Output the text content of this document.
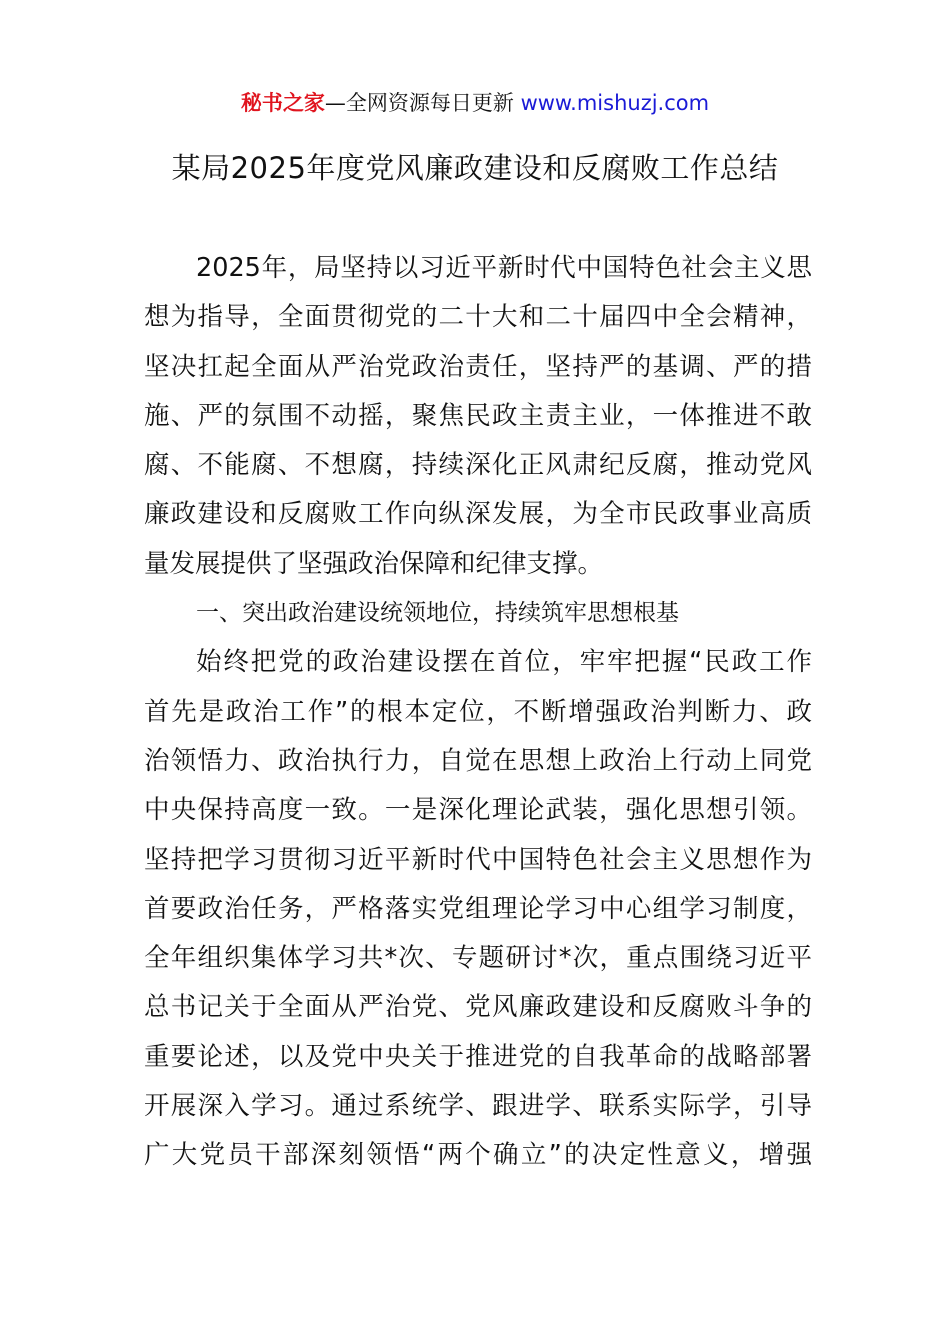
秘书之家—全网资源每日更新 www.mishuzj.com
某局2025年度党风廉政建设和反腐败工作总结
2025年，局坚持以习近平新时代中国特色社会主义思
想为指导，全面贯彻党的二十大和二十届四中全会精神，
坚决扛起全面从严治党政治责任，坚持严的基调、严的措
施、严的氛围不动摇，聚焦民政主责主业，一体推进不敢
腐、不能腐、不想腐，持续深化正风肃纪反腐，推动党风
廉政建设和反腐败工作向纵深发展，为全市民政事业高质
量发展提供了坚强政治保障和纪律支撑。
一、突出政治建设统领地位，持续筑牢思想根基
始终把党的政治建设摆在首位，牢牢把握“民政工作
首先是政治工作”的根本定位，不断增强政治判断力、政
治领悟力、政治执行力，自觉在思想上政治上行动上同党
中央保持高度一致。一是深化理论武装，强化思想引领。
坚持把学习贯彻习近平新时代中国特色社会主义思想作为
首要政治任务，严格落实党组理论学习中心组学习制度，
全年组织集体学习共*次、专题研讨*次，重点围绕习近平
总书记关于全面从严治党、党风廉政建设和反腐败斗争的
重要论述，以及党中央关于推进党的自我革命的战略部署
开展深入学习。通过系统学、跟进学、联系实际学，引导
广大党员干部深刻领悟“两个确立”的决定性意义，增强
